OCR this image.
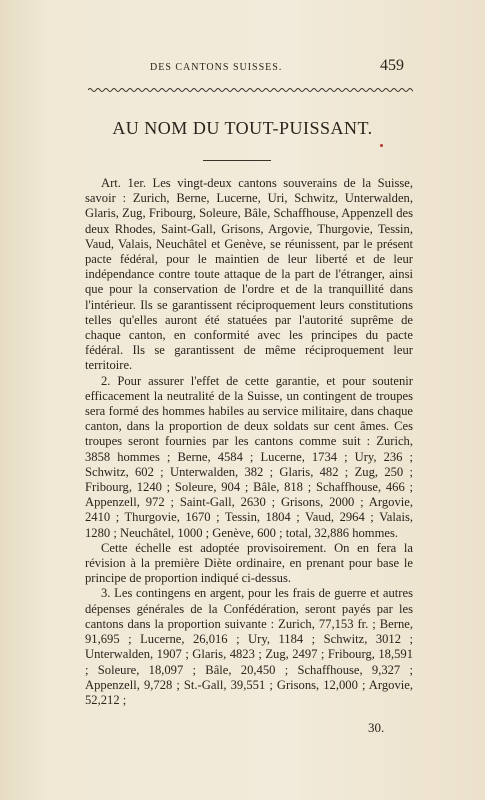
DES CANTONS SUISSES.	459
AU NOM DU TOUT-PUISSANT.

Art. 1er. Les vingt-deux cantons souverains de la Suisse, savoir : Zurich, Berne, Lucerne, Uri, Schwitz, Unterwalden, Glaris, Zug, Fribourg, Soleure, Bâle, Schaffhouse, Appenzell des deux Rhodes, Saint-Gall, Grisons, Argovie, Thurgovie, Tessin, Vaud, Valais, Neuchâtel et Genève, se réunissent, par le présent pacte fédéral, pour le maintien de leur liberté et de leur indépendance contre toute attaque de la part de l'étranger, ainsi que pour la conservation de l'ordre et de la tranquillité dans l'intérieur. Ils se garantissent réciproquement leurs constitutions telles qu'elles auront été statuées par l'autorité suprême de chaque canton, en conformité avec les principes du pacte fédéral. Ils se garantissent de même réciproquement leur territoire.

2. Pour assurer l'effet de cette garantie, et pour soutenir efficacement la neutralité de la Suisse, un contingent de troupes sera formé des hommes habiles au service militaire, dans chaque canton, dans la proportion de deux soldats sur cent âmes. Ces troupes seront fournies par les cantons comme suit : Zurich, 3858 hommes ; Berne, 4584 ; Lucerne, 1734 ; Ury, 236 ; Schwitz, 602 ; Unterwalden, 382 ; Glaris, 482 ; Zug, 250 ; Fribourg, 1240 ; Soleure, 904 ; Bâle, 818 ; Schaffhouse, 466 ; Appenzell, 972 ; Saint-Gall, 2630 ; Grisons, 2000 ; Argovie, 2410 ; Thurgovie, 1670 ; Tessin, 1804 ; Vaud, 2964 ; Valais, 1280 ; Neuchâtel, 1000 ; Genève, 600 ; total, 32,886 hommes.

Cette échelle est adoptée provisoirement. On en fera la révision à la première Diète ordinaire, en prenant pour base le principe de proportion indiqué ci-dessus.

3. Les contingens en argent, pour les frais de guerre et autres dépenses générales de la Confédération, seront payés par les cantons dans la proportion suivante : Zurich, 77,153 fr. ; Berne, 91,695 ; Lucerne, 26,016 ; Ury, 1184 ; Schwitz, 3012 ; Unterwalden, 1907 ; Glaris, 4823 ; Zug, 2497 ; Fribourg, 18,591 ; Soleure, 18,097 ; Bâle, 20,450 ; Schaffhouse, 9,327 ; Appenzell, 9,728 ; St.-Gall, 39,551 ; Grisons, 12,000 ; Argovie, 52,212 ;

30.
